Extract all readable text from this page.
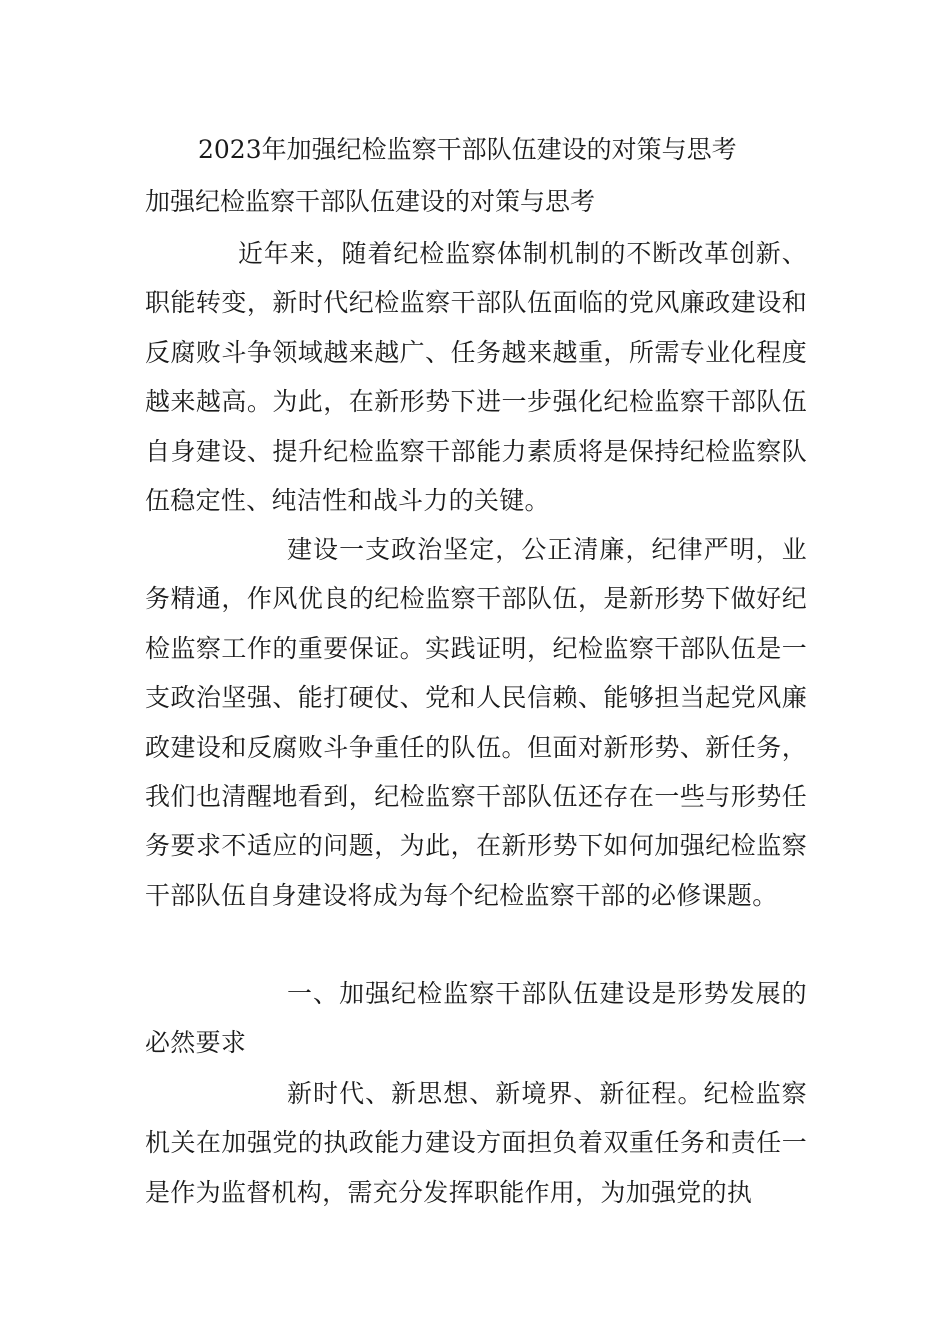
2023年加强纪检监察干部队伍建设的对策与思考
加强纪检监察干部队伍建设的对策与思考

近年来，随着纪检监察体制机制的不断改革创新、职能转变，新时代纪检监察干部队伍面临的党风廉政建设和反腐败斗争领域越来越广、任务越来越重，所需专业化程度越来越高。为此，在新形势下进一步强化纪检监察干部队伍自身建设、提升纪检监察干部能力素质将是保持纪检监察队伍稳定性、纯洁性和战斗力的关键。

建设一支政治坚定，公正清廉，纪律严明，业务精通，作风优良的纪检监察干部队伍，是新形势下做好纪检监察工作的重要保证。实践证明，纪检监察干部队伍是一支政治坚强、能打硬仗、党和人民信赖、能够担当起党风廉政建设和反腐败斗争重任的队伍。但面对新形势、新任务，我们也清醒地看到，纪检监察干部队伍还存在一些与形势任务要求不适应的问题，为此，在新形势下如何加强纪检监察干部队伍自身建设将成为每个纪检监察干部的必修课题。

一、加强纪检监察干部队伍建设是形势发展的必然要求

新时代、新思想、新境界、新征程。纪检监察机关在加强党的执政能力建设方面担负着双重任务和责任一是作为监督机构，需充分发挥职能作用，为加强党的执
